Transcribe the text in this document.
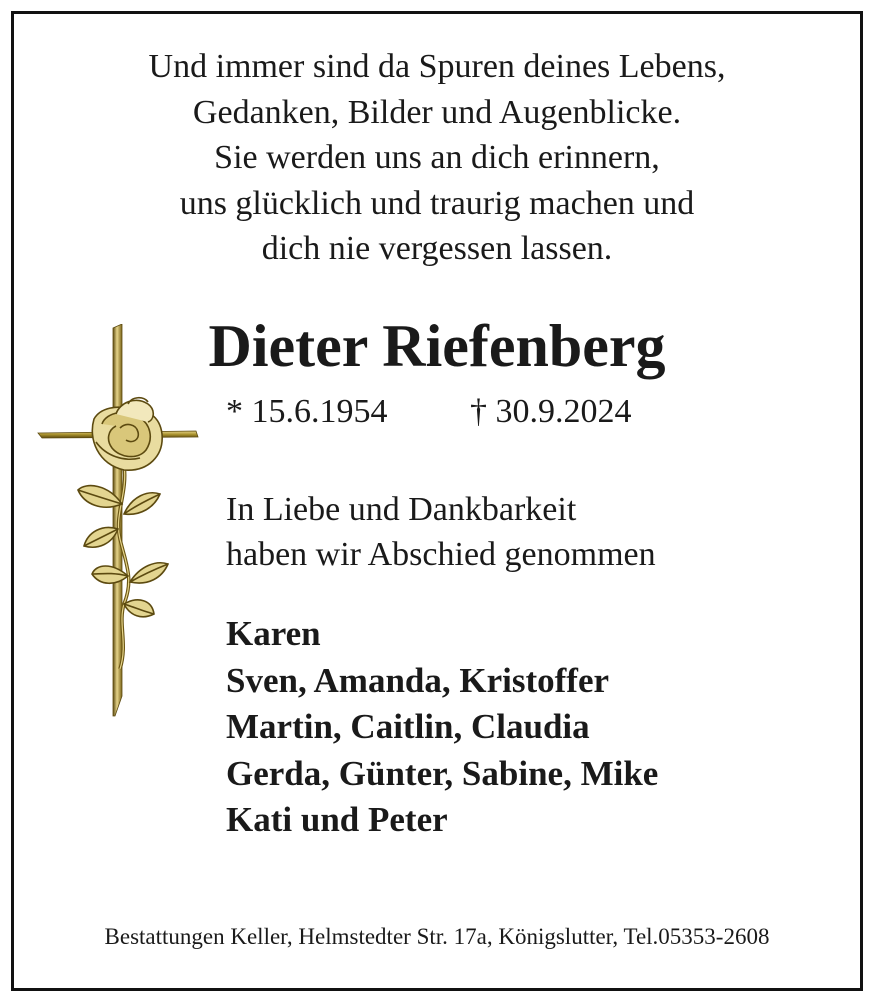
Und immer sind da Spuren deines Lebens,
Gedanken, Bilder und Augenblicke.
Sie werden uns an dich erinnern,
uns glücklich und traurig machen und
dich nie vergessen lassen.
Dieter Riefenberg
* 15.6.1954 † 30.9.2024
In Liebe und Dankbarkeit
haben wir Abschied genommen
Karen
Sven, Amanda, Kristoffer
Martin, Caitlin, Claudia
Gerda, Günter, Sabine, Mike
Kati und Peter
Bestattungen Keller, Helmstedter Str. 17a, Königslutter, Tel.05353-2608
